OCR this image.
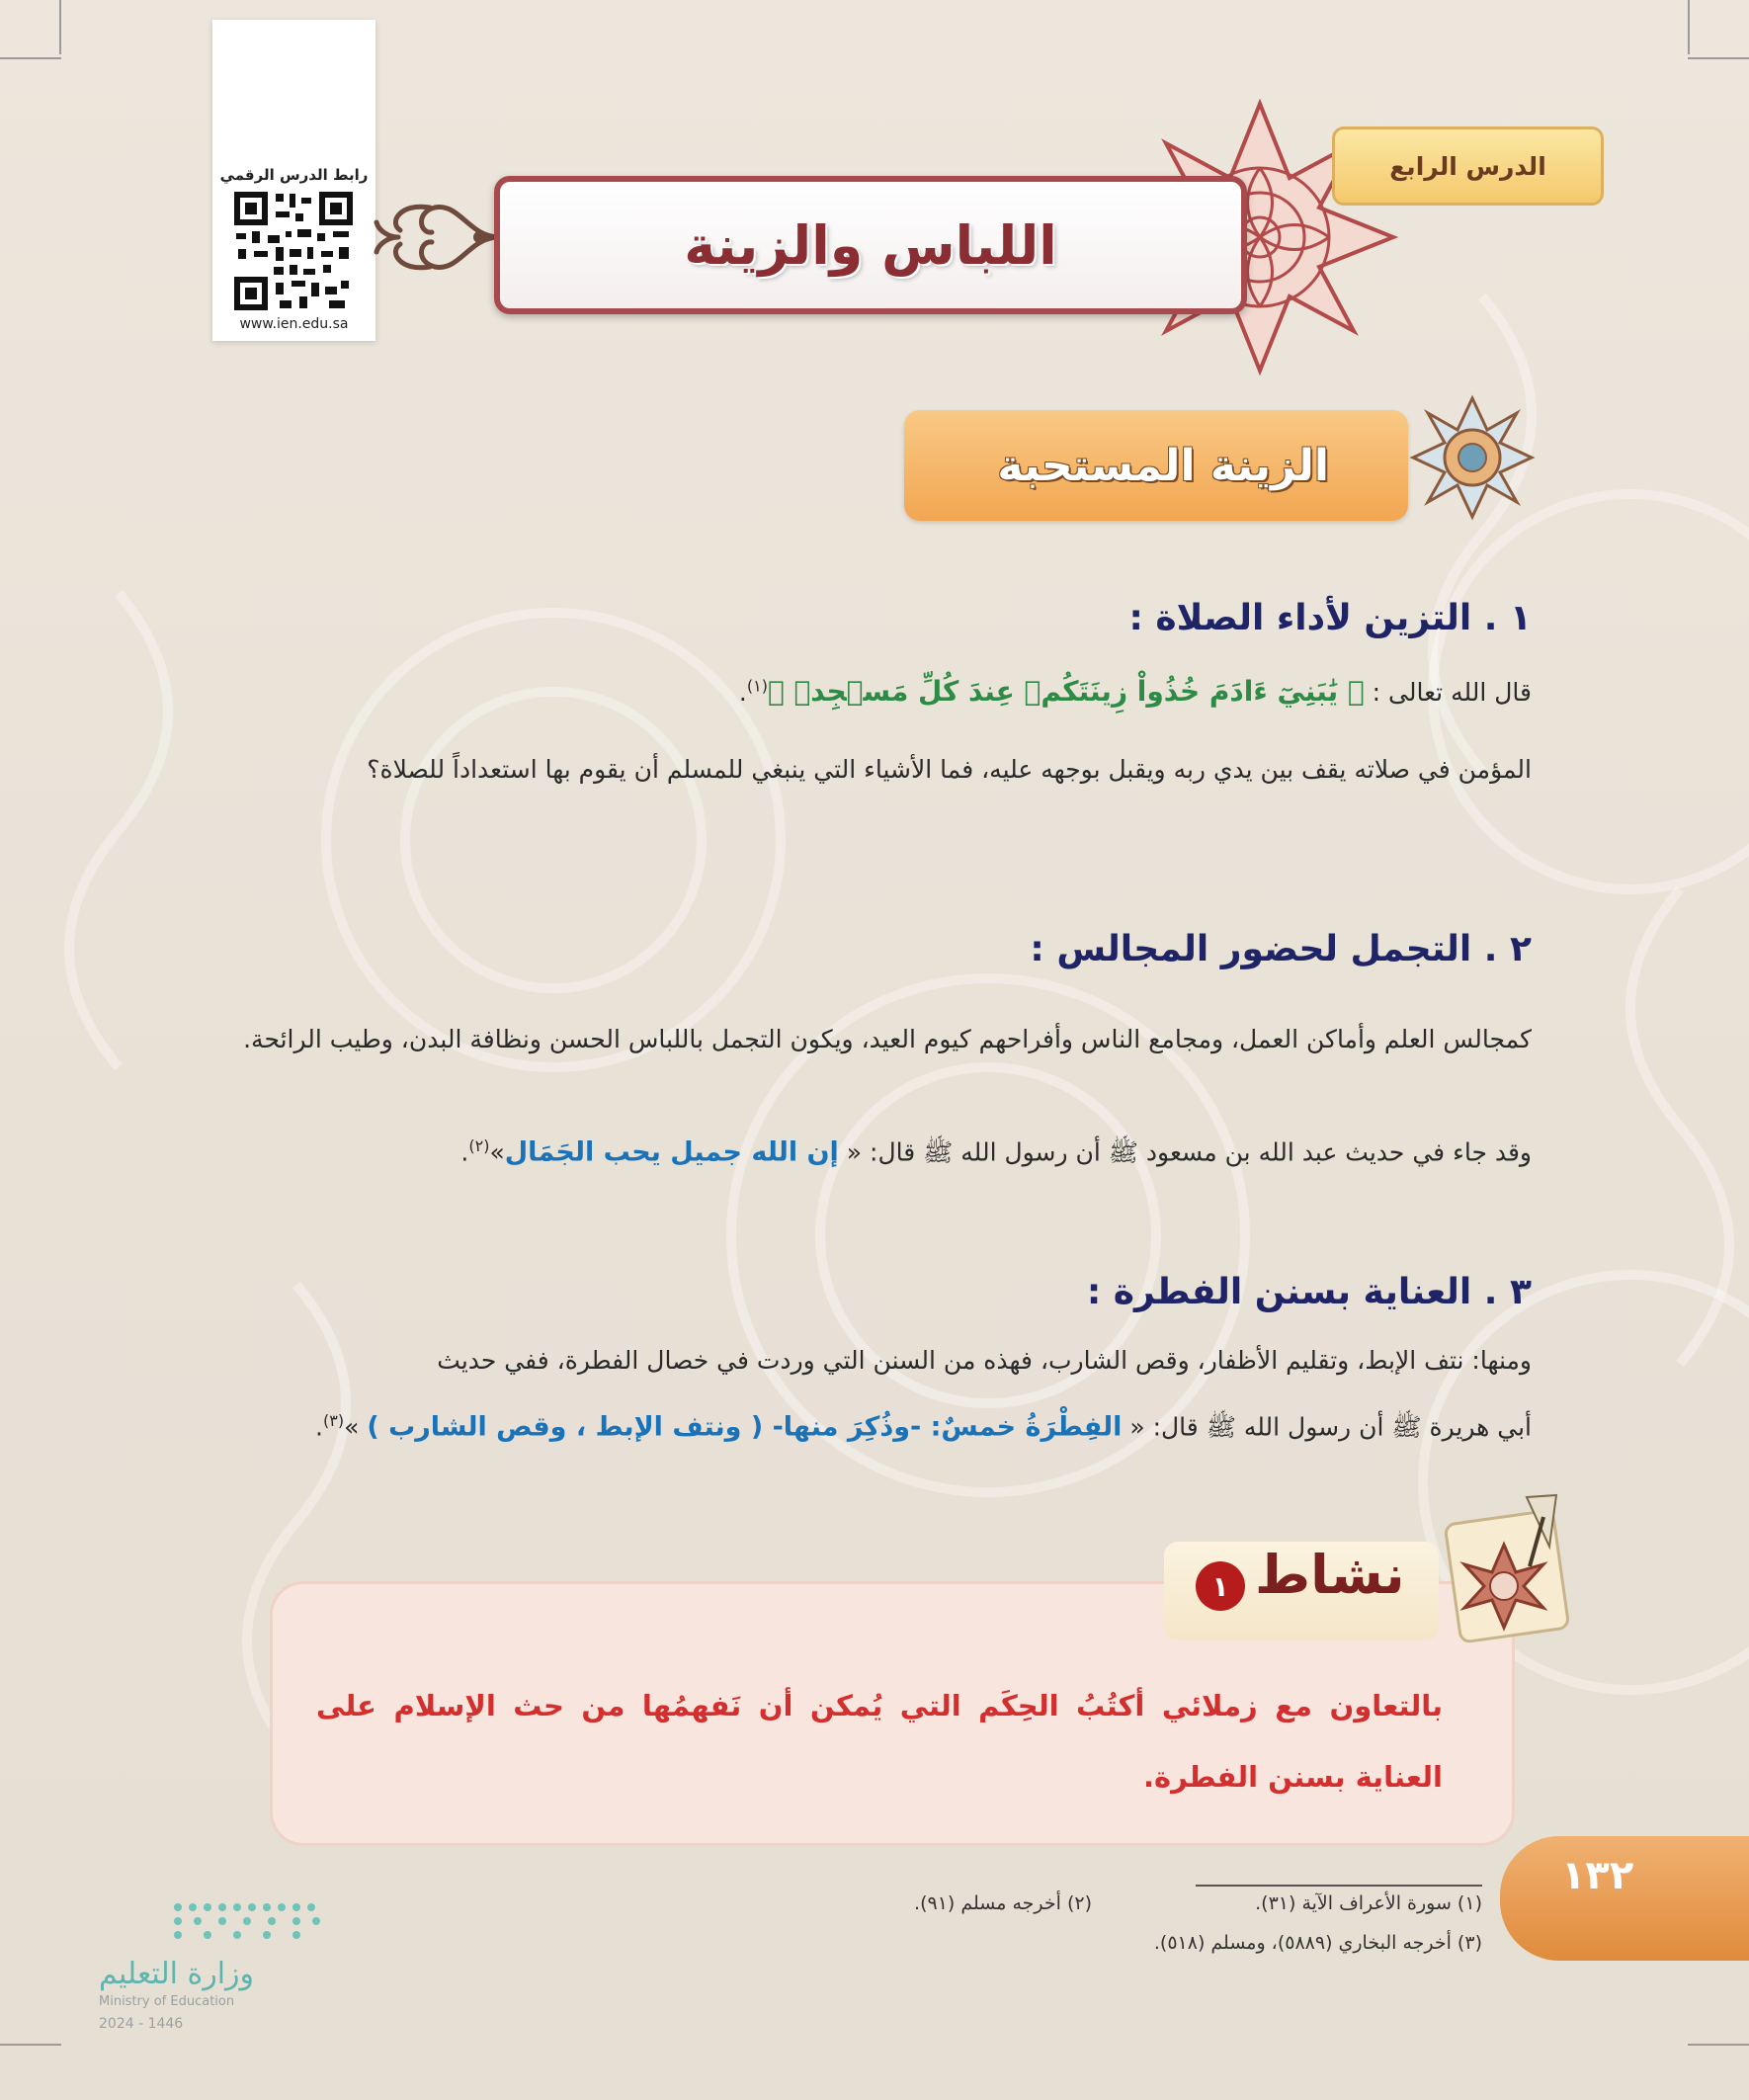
رابط الدرس الرقمي
www.ien.edu.sa
الدرس الرابع
اللباس والزينة
الزينة المستحبة
١ . التزين لأداء الصلاة :
قال الله تعالى : ﴿ يَٰبَنِيٓ ءَادَمَ خُذُواْ زِينَتَكُمۡ عِندَ كُلِّ مَسۡجِدٖ ﴾$^{(١)}$.
المؤمن في صلاته يقف بين يدي ربه ويقبل بوجهه عليه، فما الأشياء التي ينبغي للمسلم أن يقوم بها استعداداً للصلاة؟
٢ . التجمل لحضور المجالس :
كمجالس العلم وأماكن العمل، ومجامع الناس وأفراحهم كيوم العيد، ويكون التجمل باللباس الحسن ونظافة البدن، وطيب الرائحة.
وقد جاء في حديث عبد الله بن مسعود ﷺ أن رسول الله ﷺ قال: « إن الله جميل يحب الجَمَال»$^{(٢)}$.
٣ . العناية بسنن الفطرة :
ومنها: نتف الإبط، وتقليم الأظفار، وقص الشارب، فهذه من السنن التي وردت في خصال الفطرة، ففي حديث
أبي هريرة ﷺ أن رسول الله ﷺ قال: « الفِطْرَةُ خمسٌ: -وذُكِرَ منها- ( ونتف الإبط ، وقص الشارب ) »$^{(٣)}$.
نشاط
١
بالتعاون مع زملائي أكتُبُ الحِكَم التي يُمكن أن نَفهمُها من حث الإسلام على العناية بسنن الفطرة.
(١) سورة الأعراف الآية (٣١).
(٢) أخرجه مسلم (٩١).
(٣) أخرجه البخاري (٥٨٨٩)، ومسلم (٥١٨).
١٣٢
وزارة التعليم
Ministry of Education
2024 - 1446
